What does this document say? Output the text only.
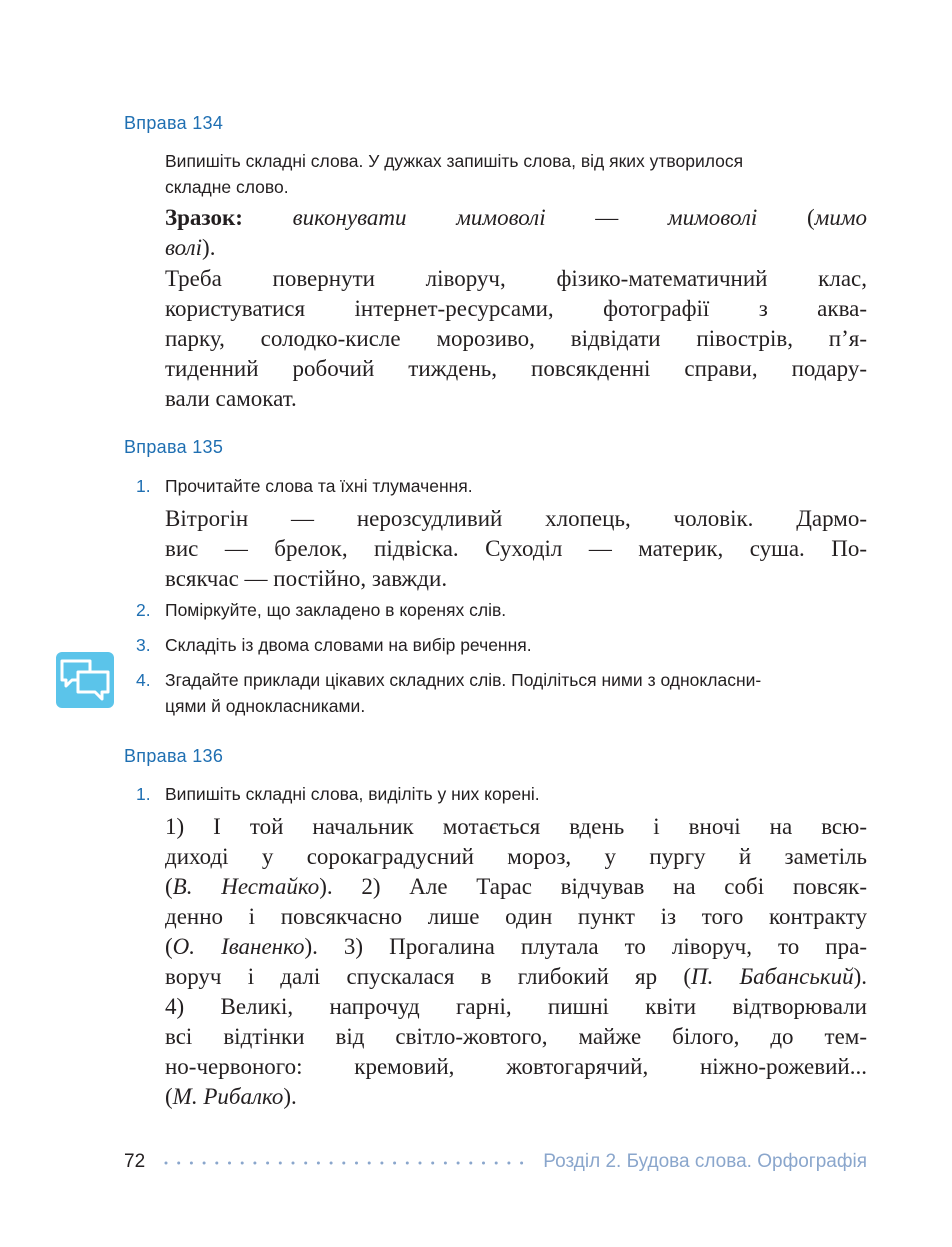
Вправа 134
Випишіть складні слова. У дужках запишіть слова, від яких утворилося
складне слово.
Зразок: виконувати мимоволі — мимоволі (мимо
волі).
Треба повернути ліворуч, фізико-математичний клас,
користуватися інтернет-ресурсами, фотографії з аква-
парку, солодко-кисле морозиво, відвідати півострів, п’я-
тиденний робочий тиждень, повсякденні справи, подару-
вали самокат.
Вправа 135
1. Прочитайте слова та їхні тлумачення.
Вітрогін — нерозсудливий хлопець, чоловік. Дармо-
вис — брелок, підвіска. Суходіл — материк, суша. По-
всякчас — постійно, завжди.
2. Поміркуйте, що закладено в коренях слів.
3. Складіть із двома словами на вибір речення.
4. Згадайте приклади цікавих складних слів. Поділіться ними з однокласни-
цями й однокласниками.
Вправа 136
1. Випишіть складні слова, виділіть у них корені.
1) І той начальник мотається вдень і вночі на всю-
диході у сорокаградусний мороз, у пургу й заметіль
(В. Нестайко). 2) Але Тарас відчував на собі повсяк-
денно і повсякчасно лише один пункт із того контракту
(О. Іваненко). 3) Прогалина плутала то ліворуч, то пра-
воруч і далі спускалася в глибокий яр (П. Бабанський).
4) Великі, напрочуд гарні, пишні квіти відтворювали
всі відтінки від світло-жовтого, майже білого, до тем-
но-червоного: кремовий, жовтогарячий, ніжно-рожевий...
(М. Рибалко).
72	Розділ 2. Будова слова. Орфографія
